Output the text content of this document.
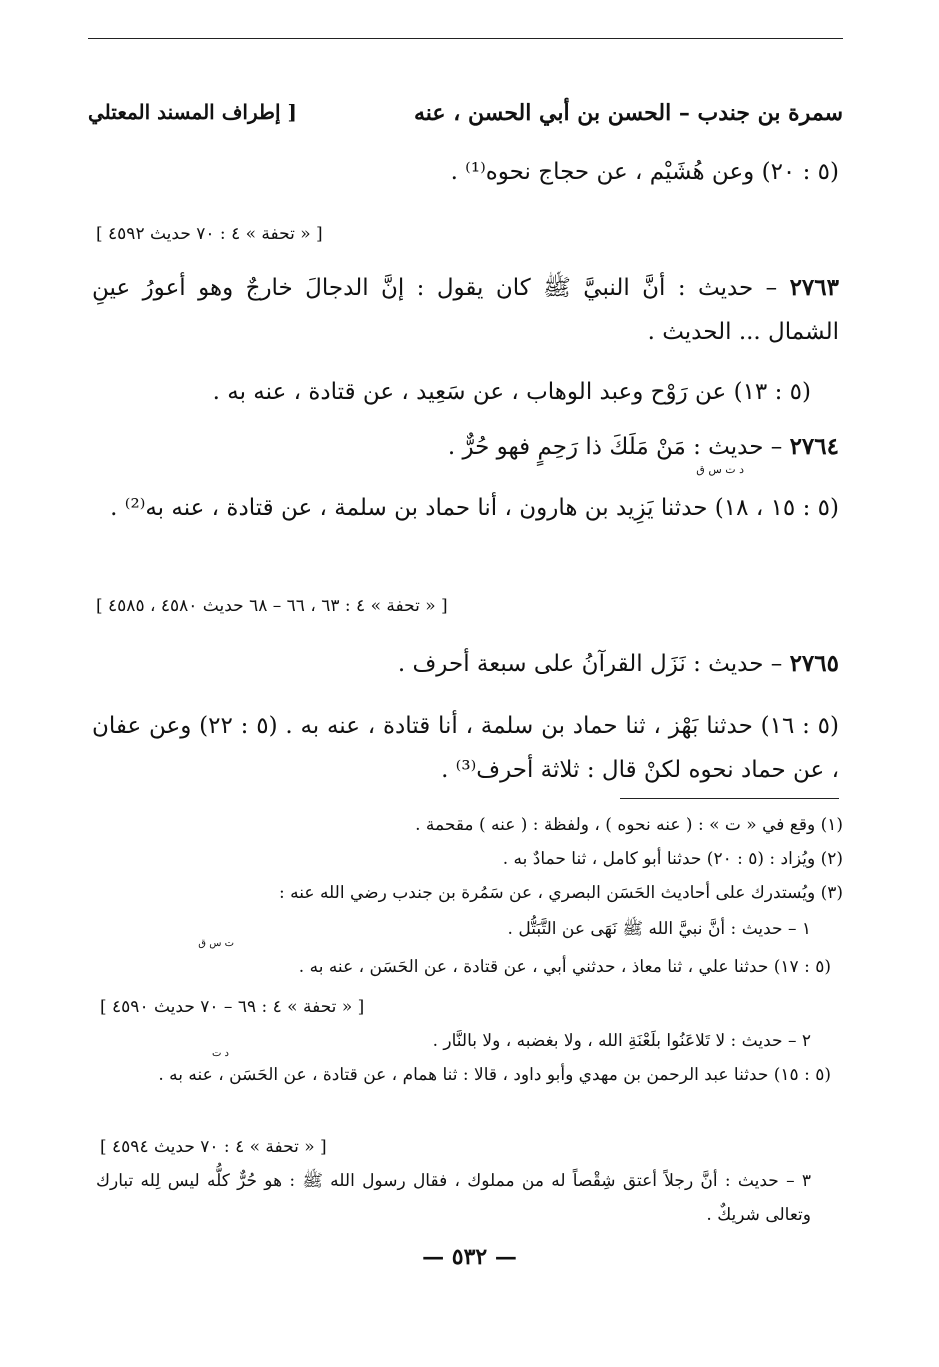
سمرة بن جندب – الحسن بن أبي الحسن ، عنه
[ إطراف المسند المعتلي
(٥ : ٢٠) وعن هُشَيْم ، عن حجاج نحوه⁽¹⁾ .
[ « تحفة » ٤ : ٧٠ حديث ٤٥٩٢ ]
٢٧٦٣ – حديث : أنَّ النبيَّ ﷺ كان يقول : إنَّ الدجالَ خارجٌ وهو أعورُ عينِ الشمال ... الحديث .
(٥ : ١٣) عن رَوْح وعبد الوهاب ، عن سَعِيد ، عن قتادة ، عنه به .
٢٧٦٤ – حديث : مَنْ مَلَكَ ذا رَحِمٍ فهو حُرٌّ .
د ت س ق
(٥ : ١٥ ، ١٨) حدثنا يَزِيد بن هارون ، أنا حماد بن سلمة ، عن قتادة ، عنه به⁽²⁾ .
[ « تحفة » ٤ : ٦٣ ، ٦٦ – ٦٨ حديث ٤٥٨٠ ، ٤٥٨٥ ]
٢٧٦٥ – حديث : نَزَل القرآنُ على سبعة أحرف .
(٥ : ١٦) حدثنا بَهْز ، ثنا حماد بن سلمة ، أنا قتادة ، عنه به . (٥ : ٢٢) وعن عفان ، عن حماد نحوه لكنْ قال : ثلاثة أحرف⁽³⁾ .
(١) وقع في « ت » : ( عنه نحوه ) ، ولفظة : ( عنه ) مقحمة .
(٢) ويُزاد : (٥ : ٢٠) حدثنا أبو كامل ، ثنا حمادٌ به .
(٣) ويُستدرك على أحاديث الحَسَن البصري ، عن سَمُرة بن جندب رضي الله عنه :
١ – حديث : أنَّ نبيَّ الله ﷺ نَهَى عن التَّبَتُّل .
ت س ق
(٥ : ١٧) حدثنا علي ، ثنا معاذ ، حدثني أبي ، عن قتادة ، عن الحَسَن ، عنه به .
[ « تحفة » ٤ : ٦٩ – ٧٠ حديث ٤٥٩٠ ]
٢ – حديث : لا تَلاعَنُوا بلَعْنَةِ الله ، ولا بغضبه ، ولا بالنَّار .
د ت
(٥ : ١٥) حدثنا عبد الرحمن بن مهدي وأبو داود ، قالا : ثنا همام ، عن قتادة ، عن الحَسَن ، عنه به .
[ « تحفة » ٤ : ٧٠ حديث ٤٥٩٤ ]
٣ – حديث : أنَّ رجلاً أعتق شِقْصاً له من مملوك ، فقال رسول الله ﷺ : هو حُرٌّ كلُّه ليس لِله تبارك وتعالى شريكٌ .
— ٥٣٢ —
